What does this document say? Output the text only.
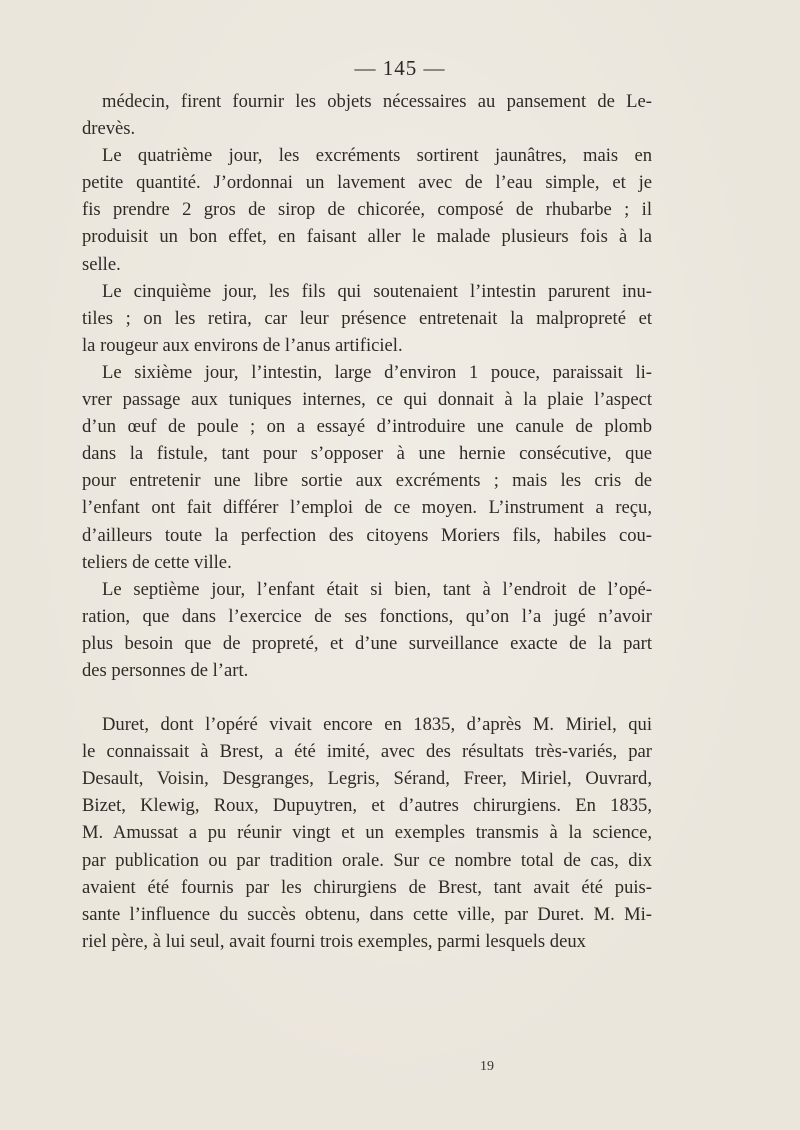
— 145 —
médecin, firent fournir les objets nécessaires au pansement de Le-
drevès.
Le quatrième jour, les excréments sortirent jaunâtres, mais en
petite quantité. J’ordonnai un lavement avec de l’eau simple, et je
fis prendre 2 gros de sirop de chicorée, composé de rhubarbe ; il
produisit un bon effet, en faisant aller le malade plusieurs fois à la
selle.
Le cinquième jour, les fils qui soutenaient l’intestin parurent inu-
tiles ; on les retira, car leur présence entretenait la malpropreté et
la rougeur aux environs de l’anus artificiel.
Le sixième jour, l’intestin, large d’environ 1 pouce, paraissait li-
vrer passage aux tuniques internes, ce qui donnait à la plaie l’aspect
d’un œuf de poule ; on a essayé d’introduire une canule de plomb
dans la fistule, tant pour s’opposer à une hernie consécutive, que
pour entretenir une libre sortie aux excréments ; mais les cris de
l’enfant ont fait différer l’emploi de ce moyen. L’instrument a reçu,
d’ailleurs toute la perfection des citoyens Moriers fils, habiles cou-
teliers de cette ville.
Le septième jour, l’enfant était si bien, tant à l’endroit de l’opé-
ration, que dans l’exercice de ses fonctions, qu’on l’a jugé n’avoir
plus besoin que de propreté, et d’une surveillance exacte de la part
des personnes de l’art.
Duret, dont l’opéré vivait encore en 1835, d’après M. Miriel, qui
le connaissait à Brest, a été imité, avec des résultats très-variés, par
Desault, Voisin, Desgranges, Legris, Sérand, Freer, Miriel, Ouvrard,
Bizet, Klewig, Roux, Dupuytren, et d’autres chirurgiens. En 1835,
M. Amussat a pu réunir vingt et un exemples transmis à la science,
par publication ou par tradition orale. Sur ce nombre total de cas, dix
avaient été fournis par les chirurgiens de Brest, tant avait été puis-
sante l’influence du succès obtenu, dans cette ville, par Duret. M. Mi-
riel père, à lui seul, avait fourni trois exemples, parmi lesquels deux
19
